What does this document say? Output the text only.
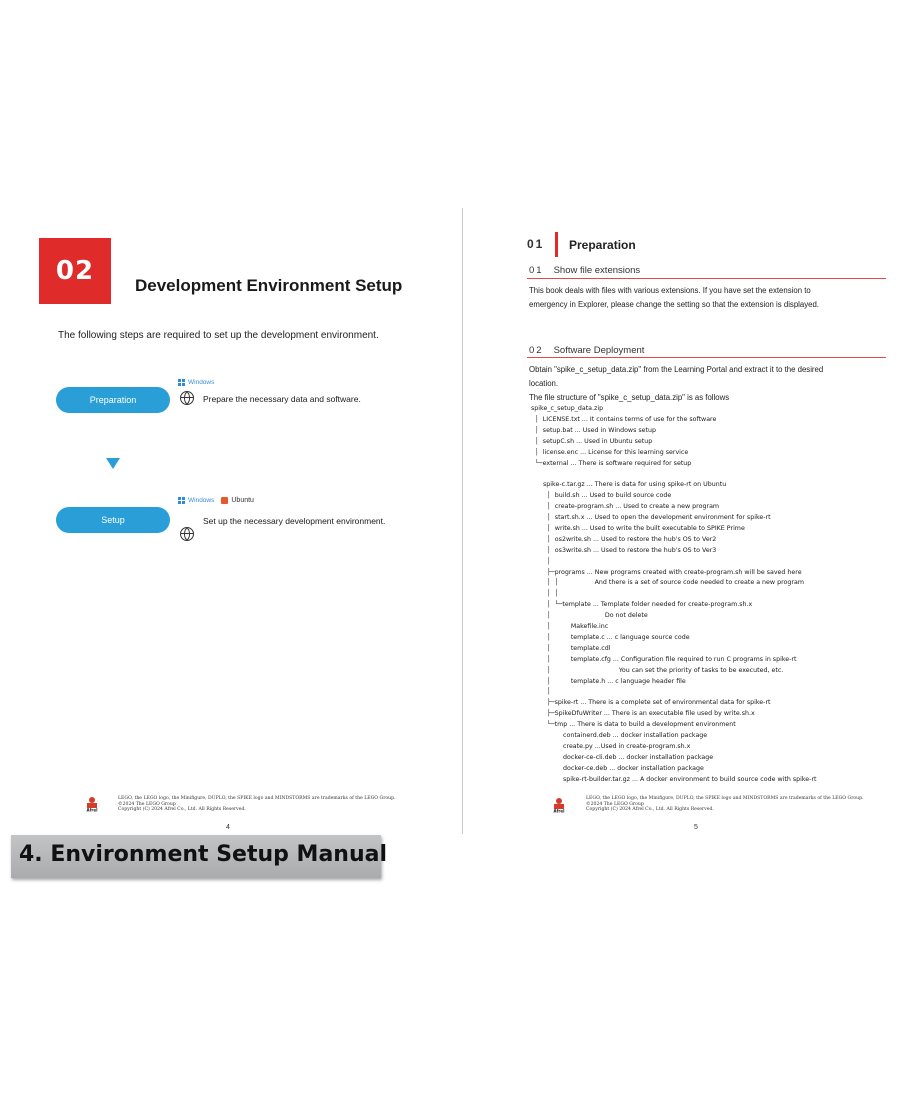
02 Development Environment Setup
The following steps are required to set up the development environment.
Windows
Preparation	Prepare the necessary data and software.
Windows Ubuntu
Setup	Set up the necessary development environment.
Afrel
LEGO, the LEGO logo, the Minifigure, DUPLO, the SPIKE logo and MINDSTORMS are trademarks of the LEGO Group.
©2024 The LEGO Group
Copyright (C) 2024 Afrel Co., Ltd. All Rights Reserved.
4
01 Preparation
01 Show file extensions
This book deals with files with various extensions. If you have set the extension to
emergency in Explorer, please change the setting so that the extension is displayed.
02 Software Deployment
Obtain "spike_c_setup_data.zip" from the Learning Portal and extract it to the desired
location.
The file structure of "spike_c_setup_data.zip" is as follows
spike_c_setup_data.zip
│  LICENSE.txt ... It contains terms of use for the software
│  setup.bat ... Used in Windows setup
│  setupC.sh ... Used in Ubuntu setup
│  license.enc ... License for this learning service
└─external ... There is software required for setup
spike-c.tar.gz ... There is data for using spike-rt on Ubuntu
│  build.sh ... Used to build source code
│  create-program.sh ... Used to create a new program
│  start.sh.x ... Used to open the development environment for spike-rt
│  write.sh ... Used to write the built executable to SPIKE Prime
│  os2write.sh ... Used to restore the hub's OS to Ver2
│  os3write.sh ... Used to restore the hub's OS to Ver3
│
├─programs ... New programs created with create-program.sh will be saved here
│  │                  And there is a set of source code needed to create a new program
│  │
│  └─template ... Template folder needed for create-program.sh.x
│                           Do not delete
│          Makefile.inc
│          template.c ... c language source code
│          template.cdl
│          template.cfg ... Configuration file required to run C programs in spike-rt
│                                  You can set the priority of tasks to be executed, etc.
│          template.h ... c language header file
│
├─spike-rt ... There is a complete set of environmental data for spike-rt
├─SpikeDfuWriter ... There is an executable file used by write.sh.x
└─tmp ... There is data to build a development environment
containerd.deb ... docker installation package
create.py ...Used in create-program.sh.x
docker-ce-cli.deb ... docker installation package
docker-ce.deb ... docker installation package
spike-rt-builder.tar.gz ... A docker environment to build source code with spike-rt
Afrel
LEGO, the LEGO logo, the Minifigure, DUPLO, the SPIKE logo and MINDSTORMS are trademarks of the LEGO Group.
©2024 The LEGO Group
Copyright (C) 2024 Afrel Co., Ltd. All Rights Reserved.
5
4. Environment Setup Manual
